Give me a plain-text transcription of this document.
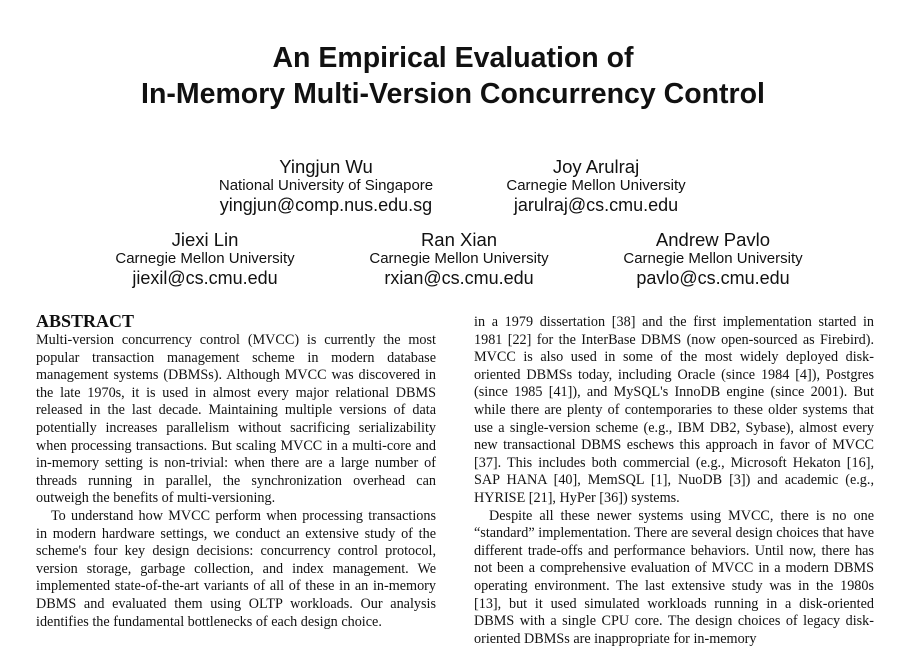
An Empirical Evaluation of
In-Memory Multi-Version Concurrency Control
Yingjun Wu
National University of Singapore
yingjun@comp.nus.edu.sg
Joy Arulraj
Carnegie Mellon University
jarulraj@cs.cmu.edu
Jiexi Lin
Carnegie Mellon University
jiexil@cs.cmu.edu
Ran Xian
Carnegie Mellon University
rxian@cs.cmu.edu
Andrew Pavlo
Carnegie Mellon University
pavlo@cs.cmu.edu
ABSTRACT

Multi-version concurrency control (MVCC) is currently the most popular transaction management scheme in modern database management systems (DBMSs). Although MVCC was discovered in the late 1970s, it is used in almost every major relational DBMS released in the last decade. Maintaining multiple versions of data potentially increases parallelism without sacrificing serializability when processing transactions. But scaling MVCC in a multi-core and in-memory setting is non-trivial: when there are a large number of threads running in parallel, the synchronization overhead can outweigh the benefits of multi-versioning.

To understand how MVCC perform when processing transactions in modern hardware settings, we conduct an extensive study of the scheme's four key design decisions: concurrency control protocol, version storage, garbage collection, and index management. We implemented state-of-the-art variants of all of these in an in-memory DBMS and evaluated them using OLTP workloads. Our analysis identifies the fundamental bottlenecks of each design choice.

in a 1979 dissertation [38] and the first implementation started in 1981 [22] for the InterBase DBMS (now open-sourced as Firebird). MVCC is also used in some of the most widely deployed disk-oriented DBMSs today, including Oracle (since 1984 [4]), Postgres (since 1985 [41]), and MySQL's InnoDB engine (since 2001). But while there are plenty of contemporaries to these older systems that use a single-version scheme (e.g., IBM DB2, Sybase), almost every new transactional DBMS eschews this approach in favor of MVCC [37]. This includes both commercial (e.g., Microsoft Hekaton [16], SAP HANA [40], MemSQL [1], NuoDB [3]) and academic (e.g., HYRISE [21], HyPer [36]) systems.

Despite all these newer systems using MVCC, there is no one “standard” implementation. There are several design choices that have different trade-offs and performance behaviors. Until now, there has not been a comprehensive evaluation of MVCC in a modern DBMS operating environment. The last extensive study was in the 1980s [13], but it used simulated workloads running in a disk-oriented DBMS with a single CPU core. The design choices of legacy disk-oriented DBMSs are inappropriate for in-memory
